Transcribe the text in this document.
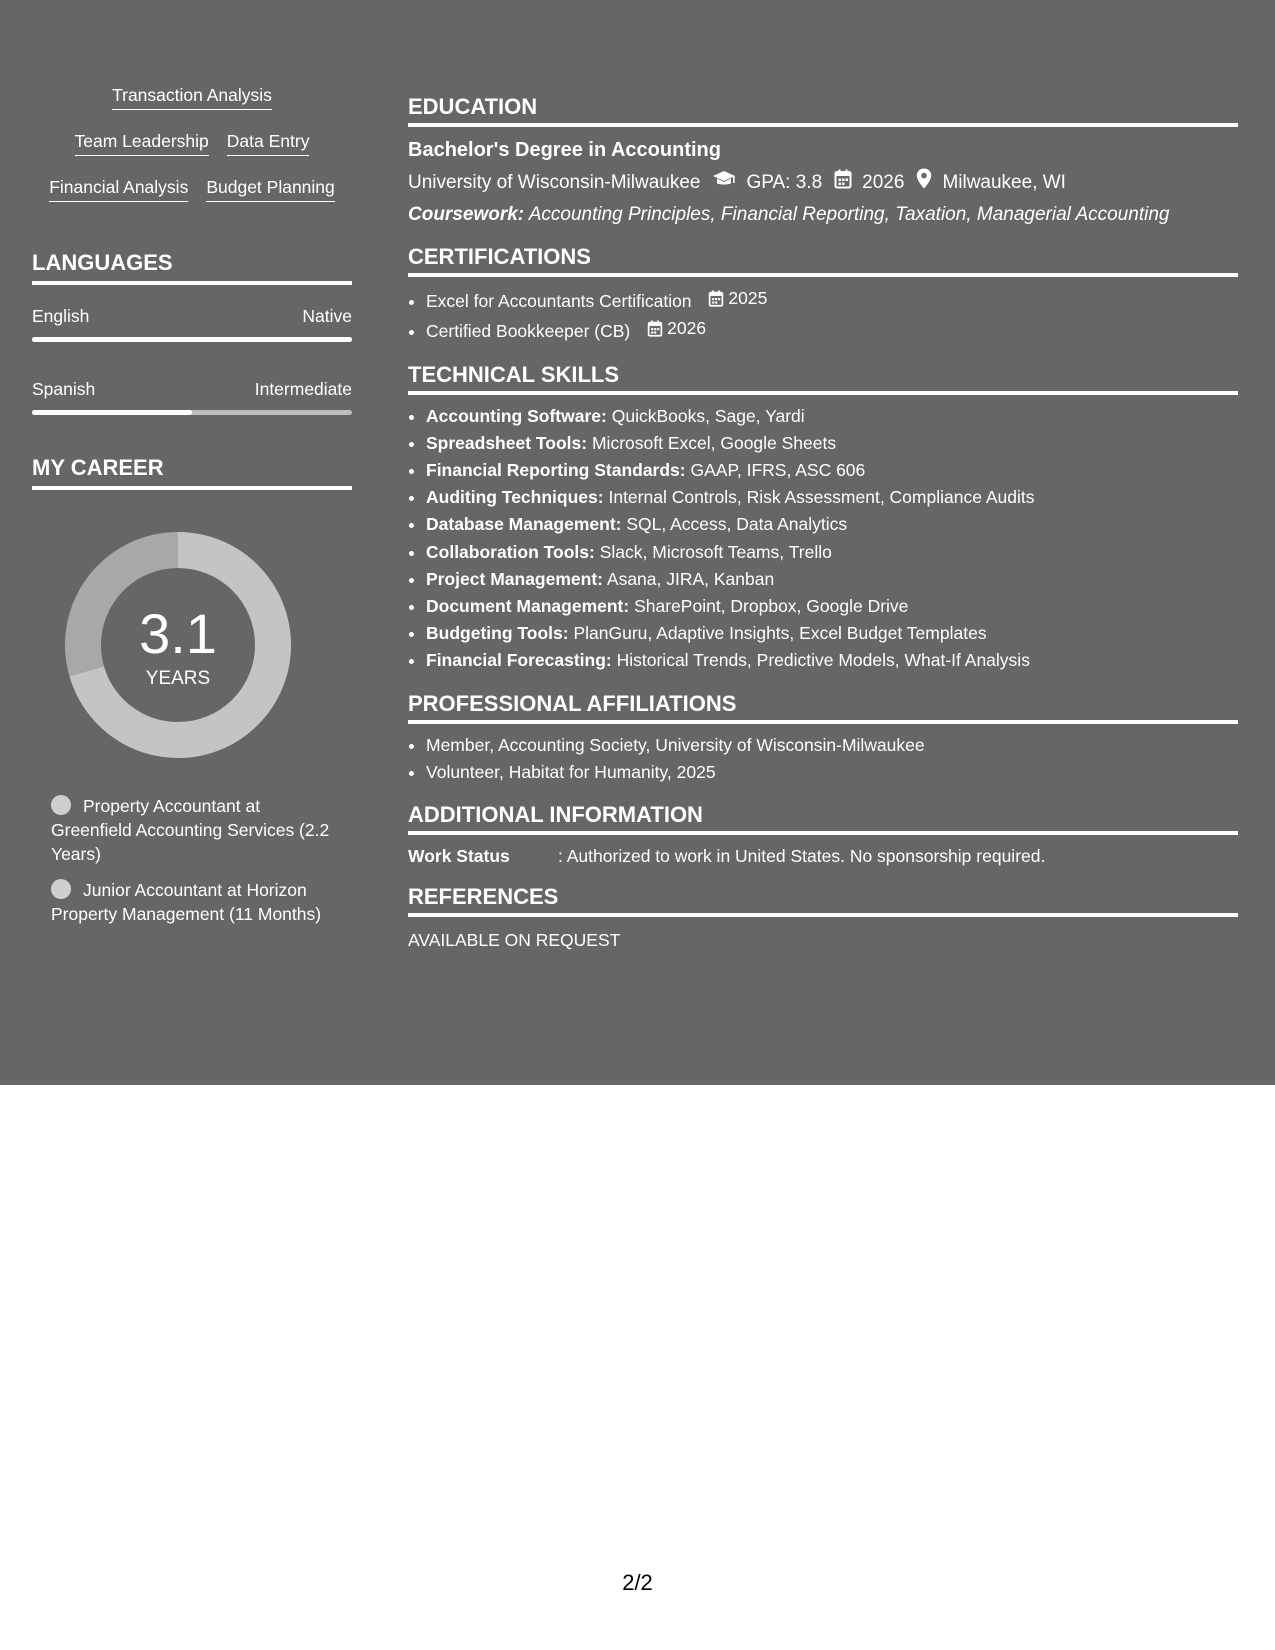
Transaction Analysis
Team Leadership Data Entry
Financial Analysis Budget Planning
LANGUAGES
English	Native
Spanish	Intermediate
MY CAREER
3.1
YEARS
Property Accountant at Greenfield Accounting Services (2.2 Years)
Junior Accountant at Horizon Property Management (11 Months)
EDUCATION
Bachelor's Degree in Accounting
University of Wisconsin-Milwaukee GPA: 3.8 2026 Milwaukee, WI
Coursework: Accounting Principles, Financial Reporting, Taxation, Managerial Accounting
CERTIFICATIONS
• Excel for Accountants Certification 2025
• Certified Bookkeeper (CB) 2026
TECHNICAL SKILLS
• Accounting Software: QuickBooks, Sage, Yardi
• Spreadsheet Tools: Microsoft Excel, Google Sheets
• Financial Reporting Standards: GAAP, IFRS, ASC 606
• Auditing Techniques: Internal Controls, Risk Assessment, Compliance Audits
• Database Management: SQL, Access, Data Analytics
• Collaboration Tools: Slack, Microsoft Teams, Trello
• Project Management: Asana, JIRA, Kanban
• Document Management: SharePoint, Dropbox, Google Drive
• Budgeting Tools: PlanGuru, Adaptive Insights, Excel Budget Templates
• Financial Forecasting: Historical Trends, Predictive Models, What-If Analysis
PROFESSIONAL AFFILIATIONS
• Member, Accounting Society, University of Wisconsin-Milwaukee
• Volunteer, Habitat for Humanity, 2025
ADDITIONAL INFORMATION
Work Status	: Authorized to work in United States. No sponsorship required.
REFERENCES
AVAILABLE ON REQUEST
2/2
